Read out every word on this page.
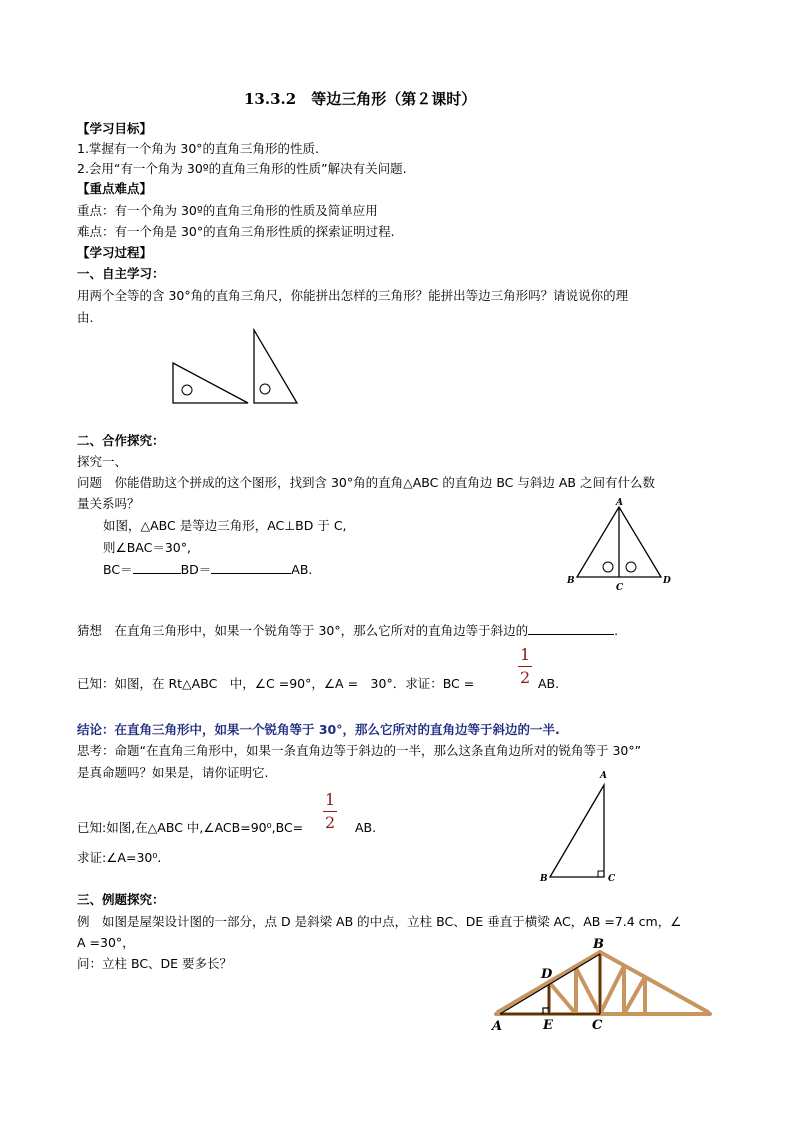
13.3.2　等边三角形（第２课时）
【学习目标】
1.掌握有一个角为 30°的直角三角形的性质.
2.会用“有一个角为 30º的直角三角形的性质”解决有关问题.
【重点难点】
重点：有一个角为 30º的直角三角形的性质及简单应用
难点：有一个角是 30°的直角三角形性质的探索证明过程.
【学习过程】
一、自主学习：
用两个全等的含 30°角的直角三角尺，你能拼出怎样的三角形？能拼出等边三角形吗？请说说你的理
由.
二、合作探究：
探究一、
问题　你能借助这个拼成的这个图形，找到含 30°角的直角△ABC 的直角边 BC 与斜边 AB 之间有什么数
量关系吗？
如图，△ABC 是等边三角形，AC⊥BD 于 C,
则∠BAC＝30°,
BC＝	BD＝	AB.
A
B
C
D
猜想　在直角三角形中，如果一个锐角等于 30°，那么它所对的直角边等于斜边的	.
已知：如图，在 Rt△ABC　中，∠C =90°，∠A =　30°．求证：BC =
1
2 AB.
结论：在直角三角形中，如果一个锐角等于 30°，那么它所对的直角边等于斜边的一半.
思考：命题“在直角三角形中，如果一条直角边等于斜边的一半，那么这条直角边所对的锐角等于 30°”
是真命题吗？如果是，请你证明它.
已知:如图,在△ABC 中,∠ACB=90⁰,BC=
1
2 AB.
求证:∠A=30⁰.
A
B	C
三、例题探究：
例　如图是屋架设计图的一部分，点 D 是斜梁 AB 的中点，立柱 BC、DE 垂直于横梁 AC，AB =7.4 cm，∠
A =30°，
问：立柱 BC、DE 要多长？
A
B
C
D
E
